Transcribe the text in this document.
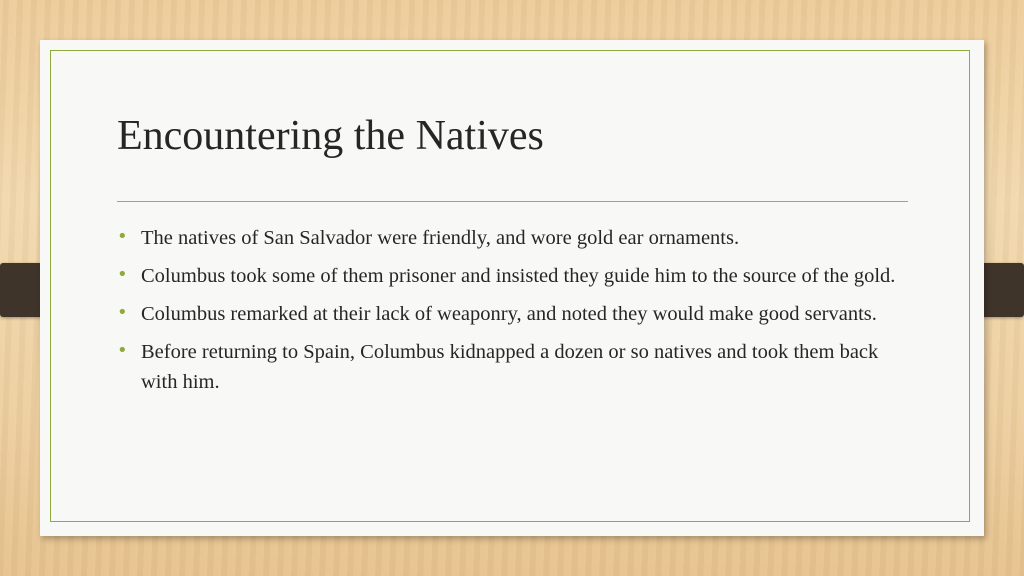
Encountering the Natives
• The natives of San Salvador were friendly, and wore gold ear ornaments.
• Columbus took some of them prisoner and insisted they guide him to the source of the gold.
• Columbus remarked at their lack of weaponry, and noted they would make good servants.
• Before returning to Spain, Columbus kidnapped a dozen or so natives and took them back with him.
